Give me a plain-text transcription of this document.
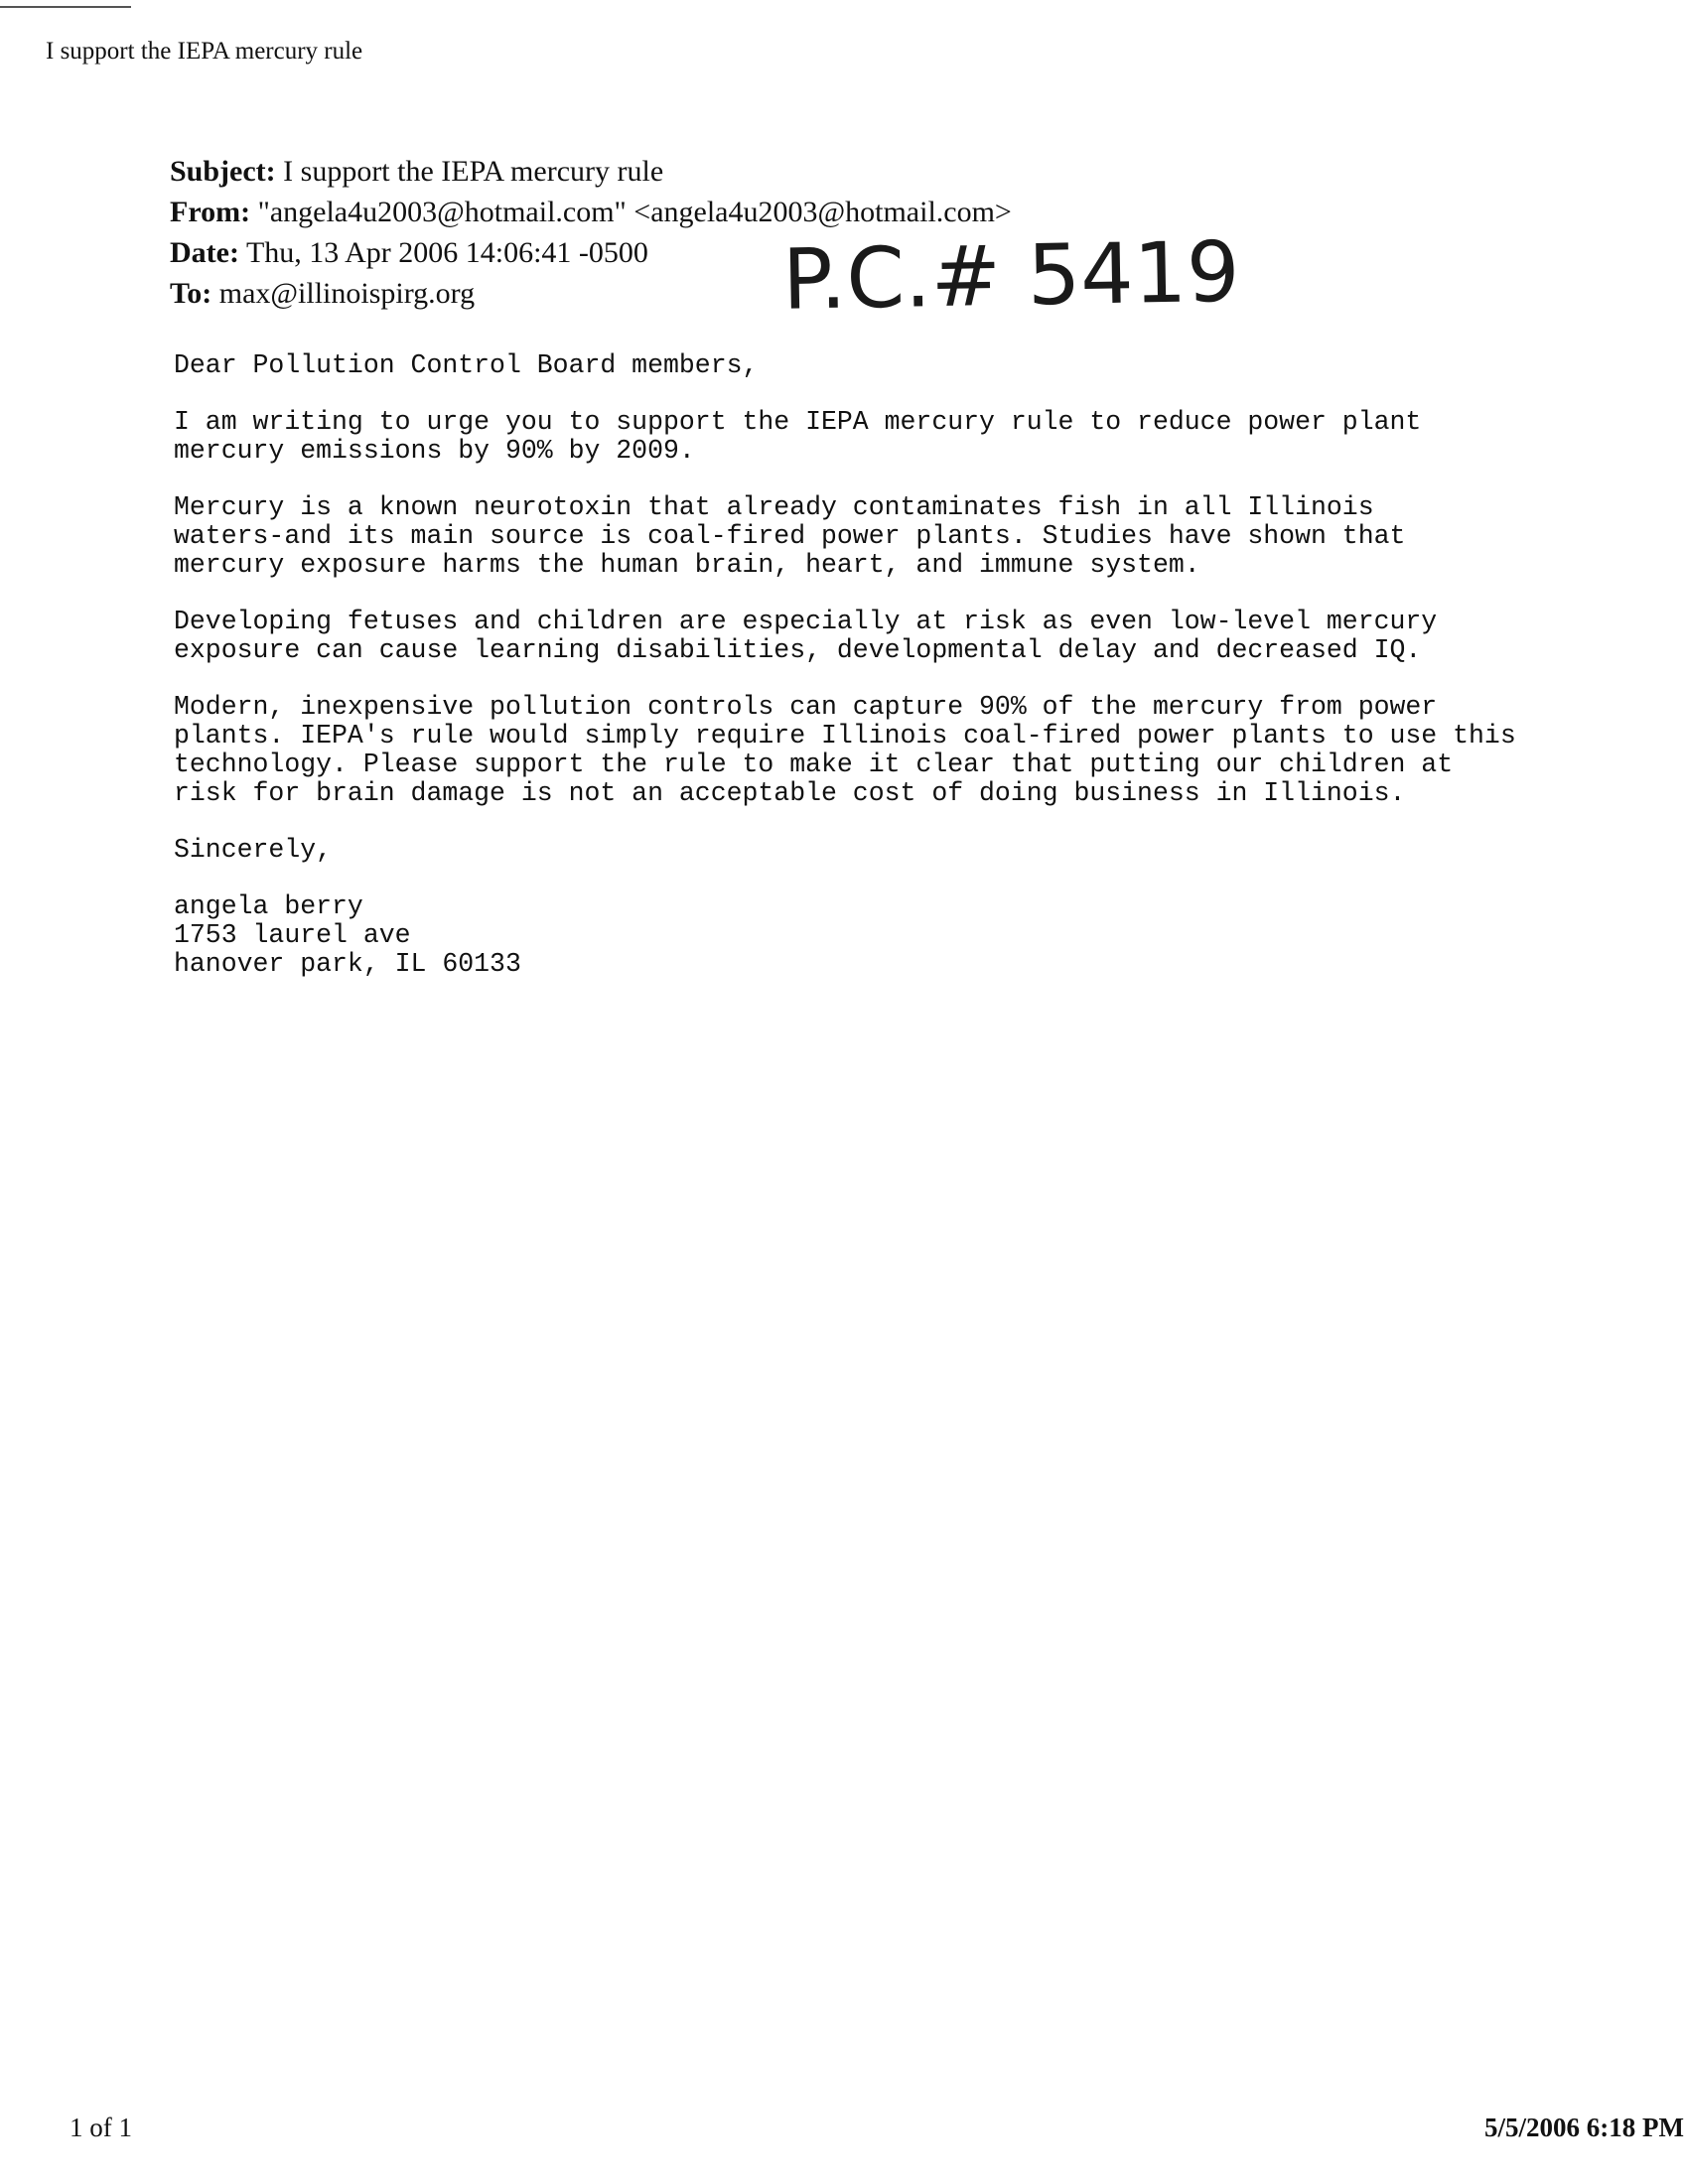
I support the IEPA mercury rule
Subject: I support the IEPA mercury rule
From: "angela4u2003@hotmail.com" <angela4u2003@hotmail.com>
Date: Thu, 13 Apr 2006 14:06:41 -0500
To: max@illinoispirg.org	P.C.# 5419

Dear Pollution Control Board members,

I am writing to urge you to support the IEPA mercury rule to reduce power plant
mercury emissions by 90% by 2009.

Mercury is a known neurotoxin that already contaminates fish in all Illinois
waters-and its main source is coal-fired power plants. Studies have shown that
mercury exposure harms the human brain, heart, and immune system.

Developing fetuses and children are especially at risk as even low-level mercury
exposure can cause learning disabilities, developmental delay and decreased IQ.

Modern, inexpensive pollution controls can capture 90% of the mercury from power
plants. IEPA's rule would simply require Illinois coal-fired power plants to use this
technology. Please support the rule to make it clear that putting our children at
risk for brain damage is not an acceptable cost of doing business in Illinois.

Sincerely,

angela berry
1753 laurel ave
hanover park, IL 60133

1 of 1	5/5/2006 6:18 PM
